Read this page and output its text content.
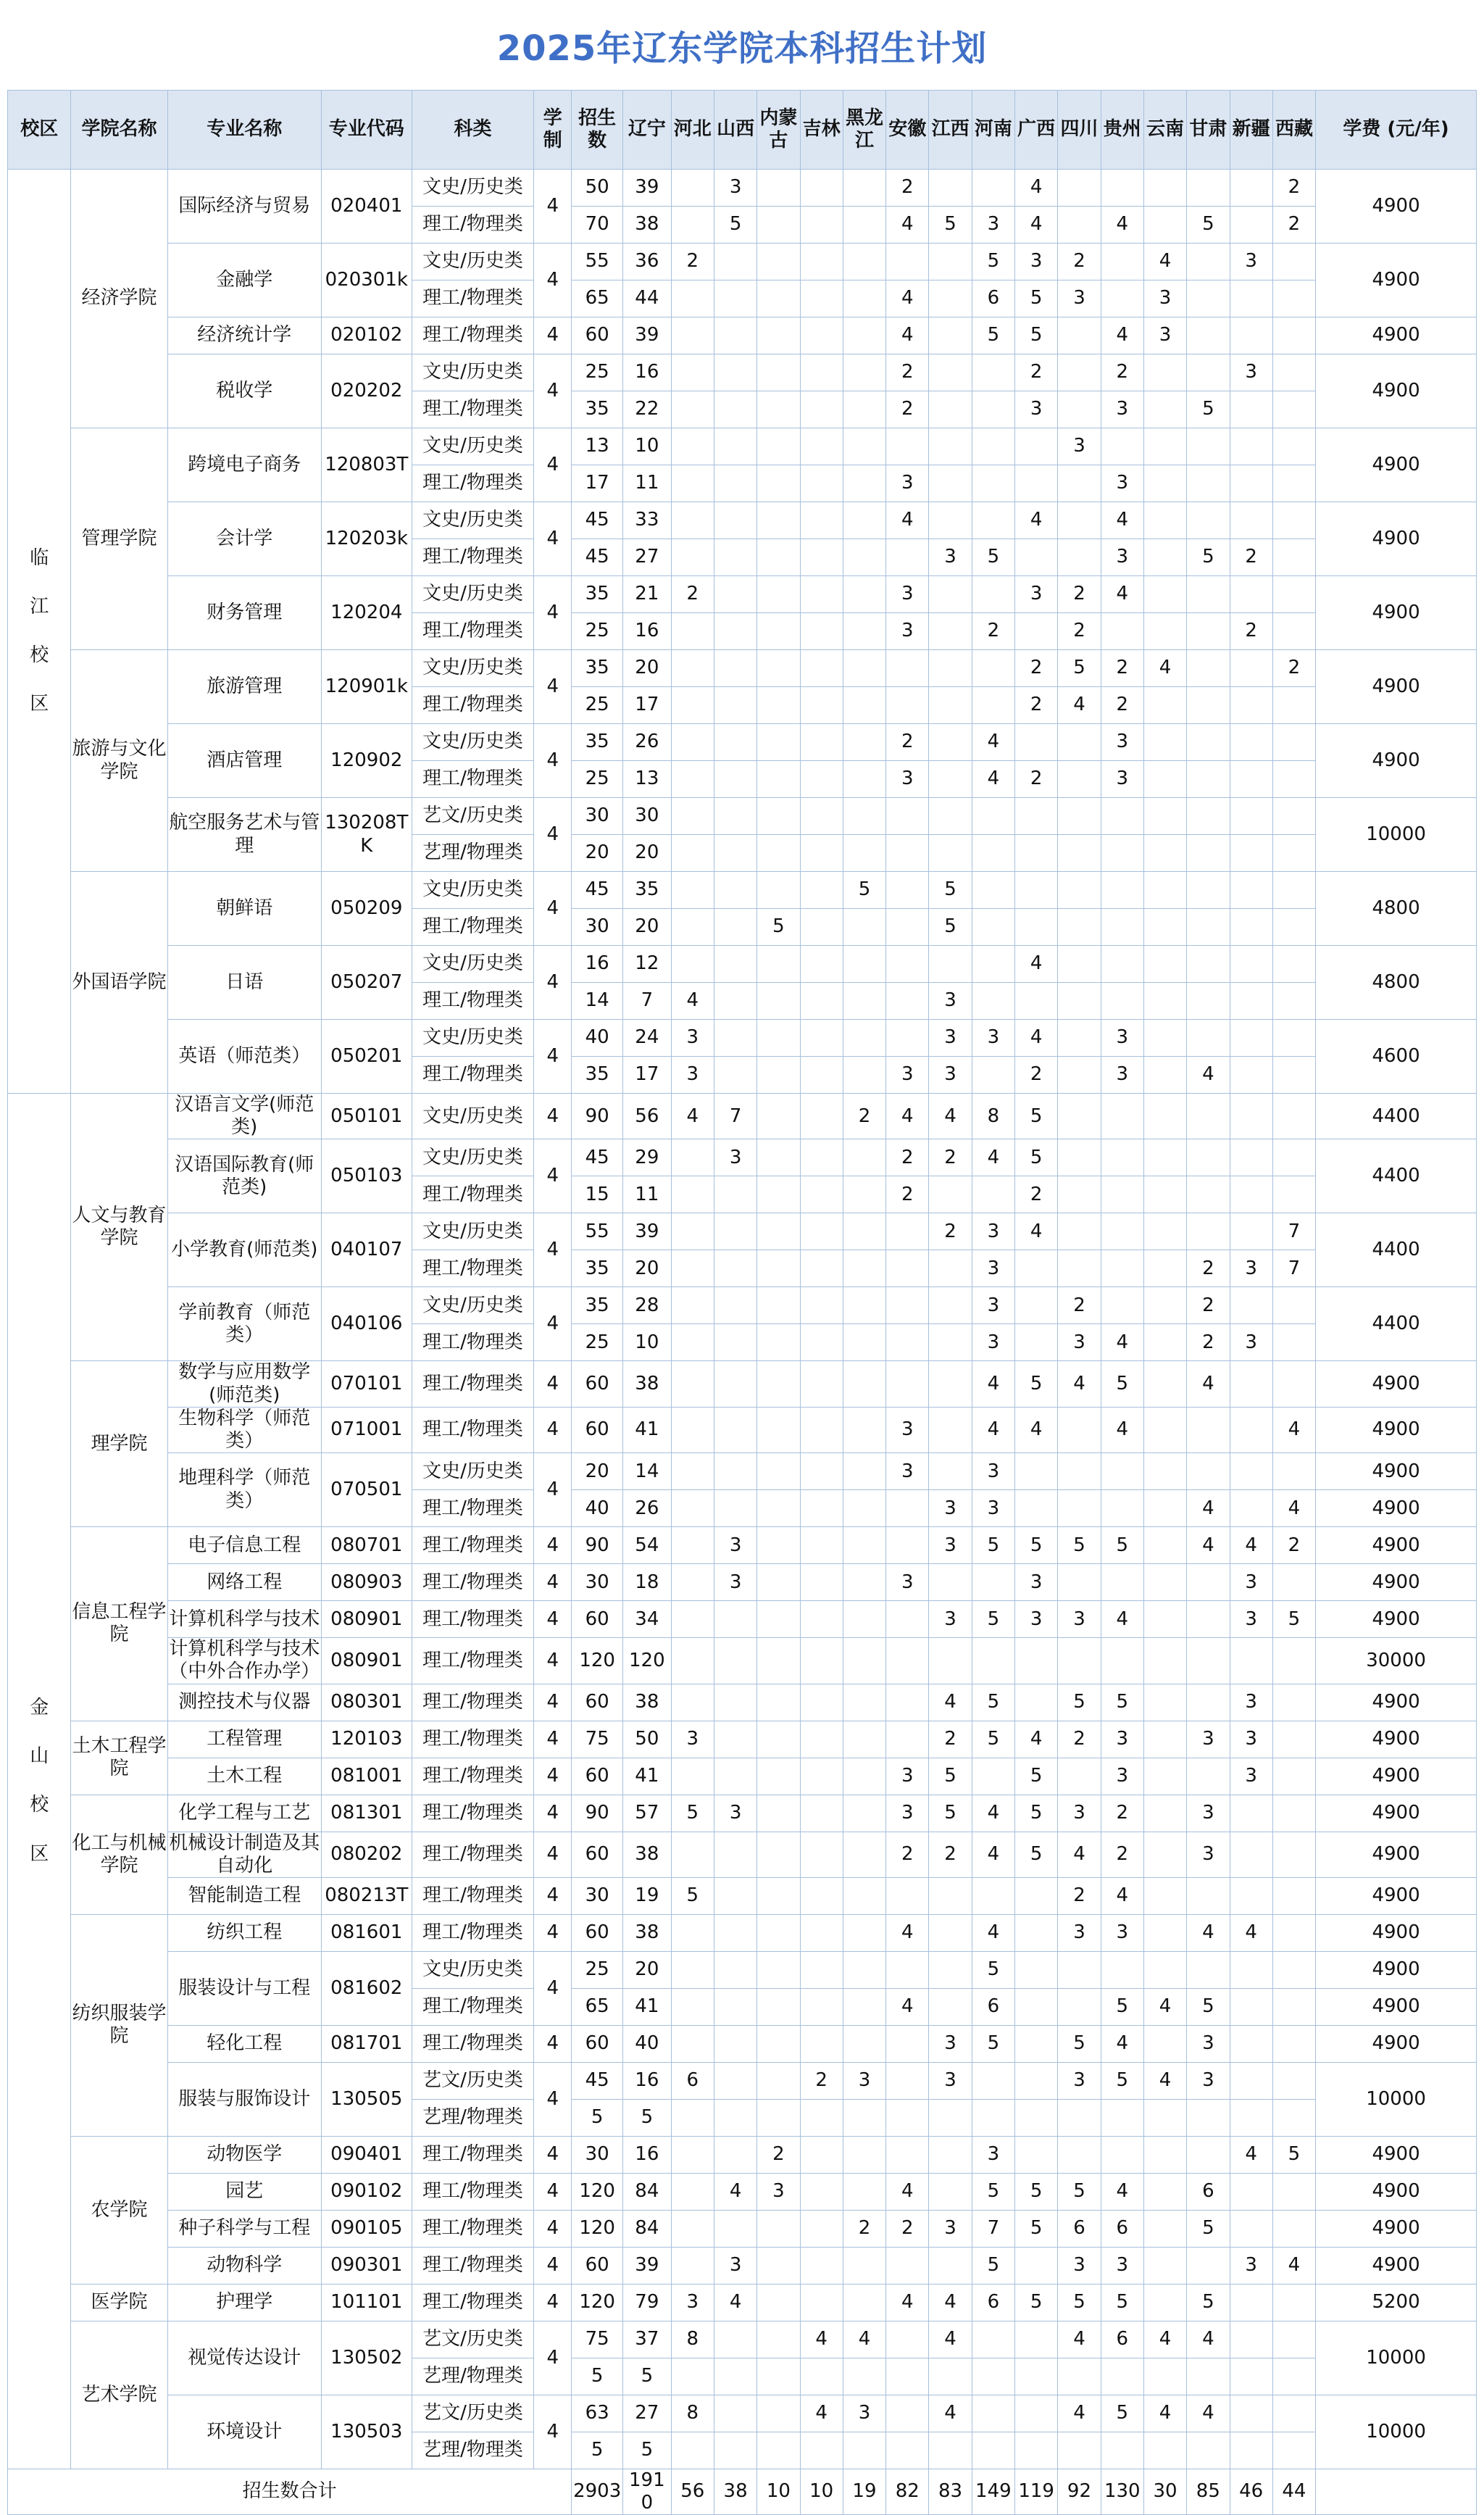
2025年辽东学院本科招生计划
校区	学院名称	专业名称	专业代码	科类	学制	招生数	辽宁	河北	山西	内蒙古	吉林	黑龙江	安徽	江西	河南	广西	四川	贵州	云南	甘肃	新疆	西藏	学费 (元/年)

临
江
校
区	经济学院	国际经济与贸易	020401	文史/历史类	4	50	39		3				2			4						2	4900
				理工/物理类		70	38		5				4	5	3	4		4		5		2	
		金融学	020301k	文史/历史类	4	55	36	2							5	3	2		4		3		4900
				理工/物理类		65	44						4		6	5	3		3				
		经济统计学	020102	理工/物理类	4	60	39						4		5	5		4	3				4900
		税收学	020202	文史/历史类	4	25	16						2			2		2			3		4900
				理工/物理类		35	22						2			3		3		5			
	管理学院	跨境电子商务	120803T	文史/历史类	4	13	10										3						4900
				理工/物理类		17	11						3					3					
		会计学	120203k	文史/历史类	4	45	33						4			4		4					4900
				理工/物理类		45	27							3	5			3		5	2		
		财务管理	120204	文史/历史类	4	35	21	2					3			3	2	4					4900
				理工/物理类		25	16						3		2		2				2		
	旅游与文化学院	旅游管理	120901k	文史/历史类	4	35	20									2	5	2	4			2	4900
				理工/物理类		25	17									2	4	2					
		酒店管理	120902	文史/历史类	4	35	26						2		4			3					4900
				理工/物理类		25	13						3		4	2		3					
		航空服务艺术与管理	130208TK	艺文/历史类	4	30	30																10000
				艺理/物理类		20	20																
	外国语学院	朝鲜语	050209	文史/历史类	4	45	35					5		5									4800
				理工/物理类		30	20			5				5									
		日语	050207	文史/历史类	4	16	12									4							4800
				理工/物理类		14	7	4						3									
		英语（师范类）	050201	文史/历史类	4	40	24	3						3	3	4		3					4600
				理工/物理类		35	17	3					3	3		2		3		4			

金
山
校
区	人文与教育学院	汉语言文学(师范类)	050101	文史/历史类	4	90	56	4	7			2	4	4	8	5							4400
		汉语国际教育(师范类)	050103	文史/历史类	4	45	29		3				2	2	4	5							4400
				理工/物理类		15	11						2			2							
		小学教育(师范类)	040107	文史/历史类	4	55	39							2	3	4						7	4400
				理工/物理类		35	20								3					2	3	7	
		学前教育（师范类）	040106	文史/历史类	4	35	28								3		2			2			4400
				理工/物理类		25	10								3		3	4		2	3		
	理学院	数学与应用数学(师范类)	070101	理工/物理类	4	60	38								4	5	4	5		4			4900
		生物科学（师范类）	071001	理工/物理类	4	60	41						3		4	4		4				4	4900
		地理科学（师范类）	070501	文史/历史类	4	20	14						3		3								4900
				理工/物理类		40	26							3	3					4		4	4900
	信息工程学院	电子信息工程	080701	理工/物理类	4	90	54		3					3	5	5	5	5		4	4	2	4900
		网络工程	080903	理工/物理类	4	30	18		3				3			3					3		4900
		计算机科学与技术	080901	理工/物理类	4	60	34							3	5	3	3	4			3	5	4900
		计算机科学与技术（中外合作办学）	080901	理工/物理类	4	120	120																30000
		测控技术与仪器	080301	理工/物理类	4	60	38							4	5		5	5			3		4900
	土木工程学院	工程管理	120103	理工/物理类	4	75	50	3						2	5	4	2	3		3	3		4900
		土木工程	081001	理工/物理类	4	60	41						3	5		5		3			3		4900
	化工与机械学院	化学工程与工艺	081301	理工/物理类	4	90	57	5	3				3	5	4	5	3	2		3			4900
		机械设计制造及其自动化	080202	理工/物理类	4	60	38						2	2	4	5	4	2		3			4900
		智能制造工程	080213T	理工/物理类	4	30	19	5									2	4					4900
	纺织服装学院	纺织工程	081601	理工/物理类	4	60	38						4		4		3	3		4	4		4900
		服装设计与工程	081602	文史/历史类	4	25	20								5								4900
				理工/物理类		65	41						4		6			5	4	5			4900
		轻化工程	081701	理工/物理类	4	60	40							3	5		5	4		3			4900
		服装与服饰设计	130505	艺文/历史类	4	45	16	6			2	3		3			3	5	4	3			10000
				艺理/物理类		5	5																
	农学院	动物医学	090401	理工/物理类	4	30	16			2					3						4	5	4900
		园艺	090102	理工/物理类	4	120	84		4	3			4		5	5	5	4		6			4900
		种子科学与工程	090105	理工/物理类	4	120	84					2	2	3	7	5	6	6		5			4900
		动物科学	090301	理工/物理类	4	60	39		3						5		3	3			3	4	4900
	医学院	护理学	101101	理工/物理类	4	120	79	3	4				4	4	6	5	5	5		5			5200
	艺术学院	视觉传达设计	130502	艺文/历史类	4	75	37	8			4	4		4			4	6	4	4			10000
				艺理/物理类		5	5																
		环境设计	130503	艺文/历史类	4	63	27	8			4	3		4			4	5	4	4			10000
				艺理/物理类		5	5																
招生数合计						2903	1910	56	38	10	10	19	82	83	149	119	92	130	30	85	46	44	
